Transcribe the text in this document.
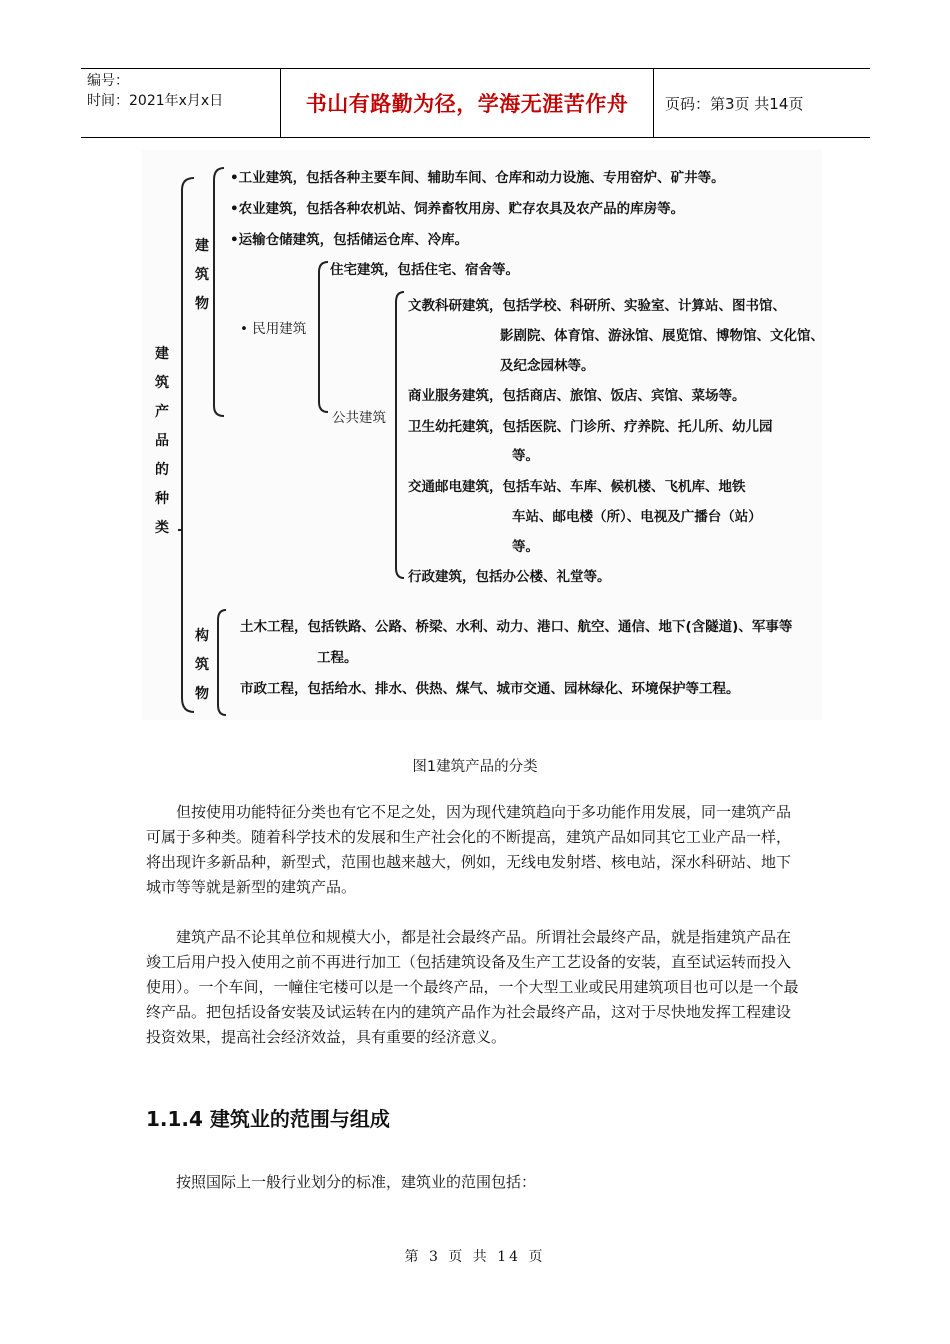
编号：
时间：2021年x月x日	书山有路勤为径，学海无涯苦作舟	页码：第3页 共14页
建筑产品的种类
建筑物
构筑物
•工业建筑，包括各种主要车间、辅助车间、仓库和动力设施、专用窑炉、矿井等。
•农业建筑，包括各种农机站、饲养畜牧用房、贮存农具及农产品的库房等。
•运输仓储建筑，包括储运仓库、冷库。
• 民用建筑
住宅建筑，包括住宅、宿舍等。
公共建筑
文教科研建筑，包括学校、科研所、实验室、计算站、图书馆、
影剧院、体育馆、游泳馆、展览馆、博物馆、文化馆、
及纪念园林等。
商业服务建筑，包括商店、旅馆、饭店、宾馆、菜场等。
卫生幼托建筑，包括医院、门诊所、疗养院、托儿所、幼儿园
等。
交通邮电建筑，包括车站、车库、候机楼、飞机库、地铁
车站、邮电楼（所）、电视及广播台（站）
等。
行政建筑，包括办公楼、礼堂等。
土木工程，包括铁路、公路、桥梁、水利、动力、港口、航空、通信、地下(含隧道)、军事等
工程。
市政工程，包括给水、排水、供热、煤气、城市交通、园林绿化、环境保护等工程。
图1建筑产品的分类
但按使用功能特征分类也有它不足之处，因为现代建筑趋向于多功能作用发展，同一建筑产品可属于多种类。随着科学技术的发展和生产社会化的不断提高，建筑产品如同其它工业产品一样，将出现许多新品种，新型式，范围也越来越大，例如，无线电发射塔、核电站，深水科研站、地下城市等等就是新型的建筑产品。
建筑产品不论其单位和规模大小，都是社会最终产品。所谓社会最终产品，就是指建筑产品在竣工后用户投入使用之前不再进行加工（包括建筑设备及生产工艺设备的安装，直至试运转而投入使用）。一个车间，一幢住宅楼可以是一个最终产品，一个大型工业或民用建筑项目也可以是一个最终产品。把包括设备安装及试运转在内的建筑产品作为社会最终产品，这对于尽快地发挥工程建设投资效果，提高社会经济效益，具有重要的经济意义。
1.1.4 建筑业的范围与组成
按照国际上一般行业划分的标准，建筑业的范围包括：
第 3 页 共 14 页
